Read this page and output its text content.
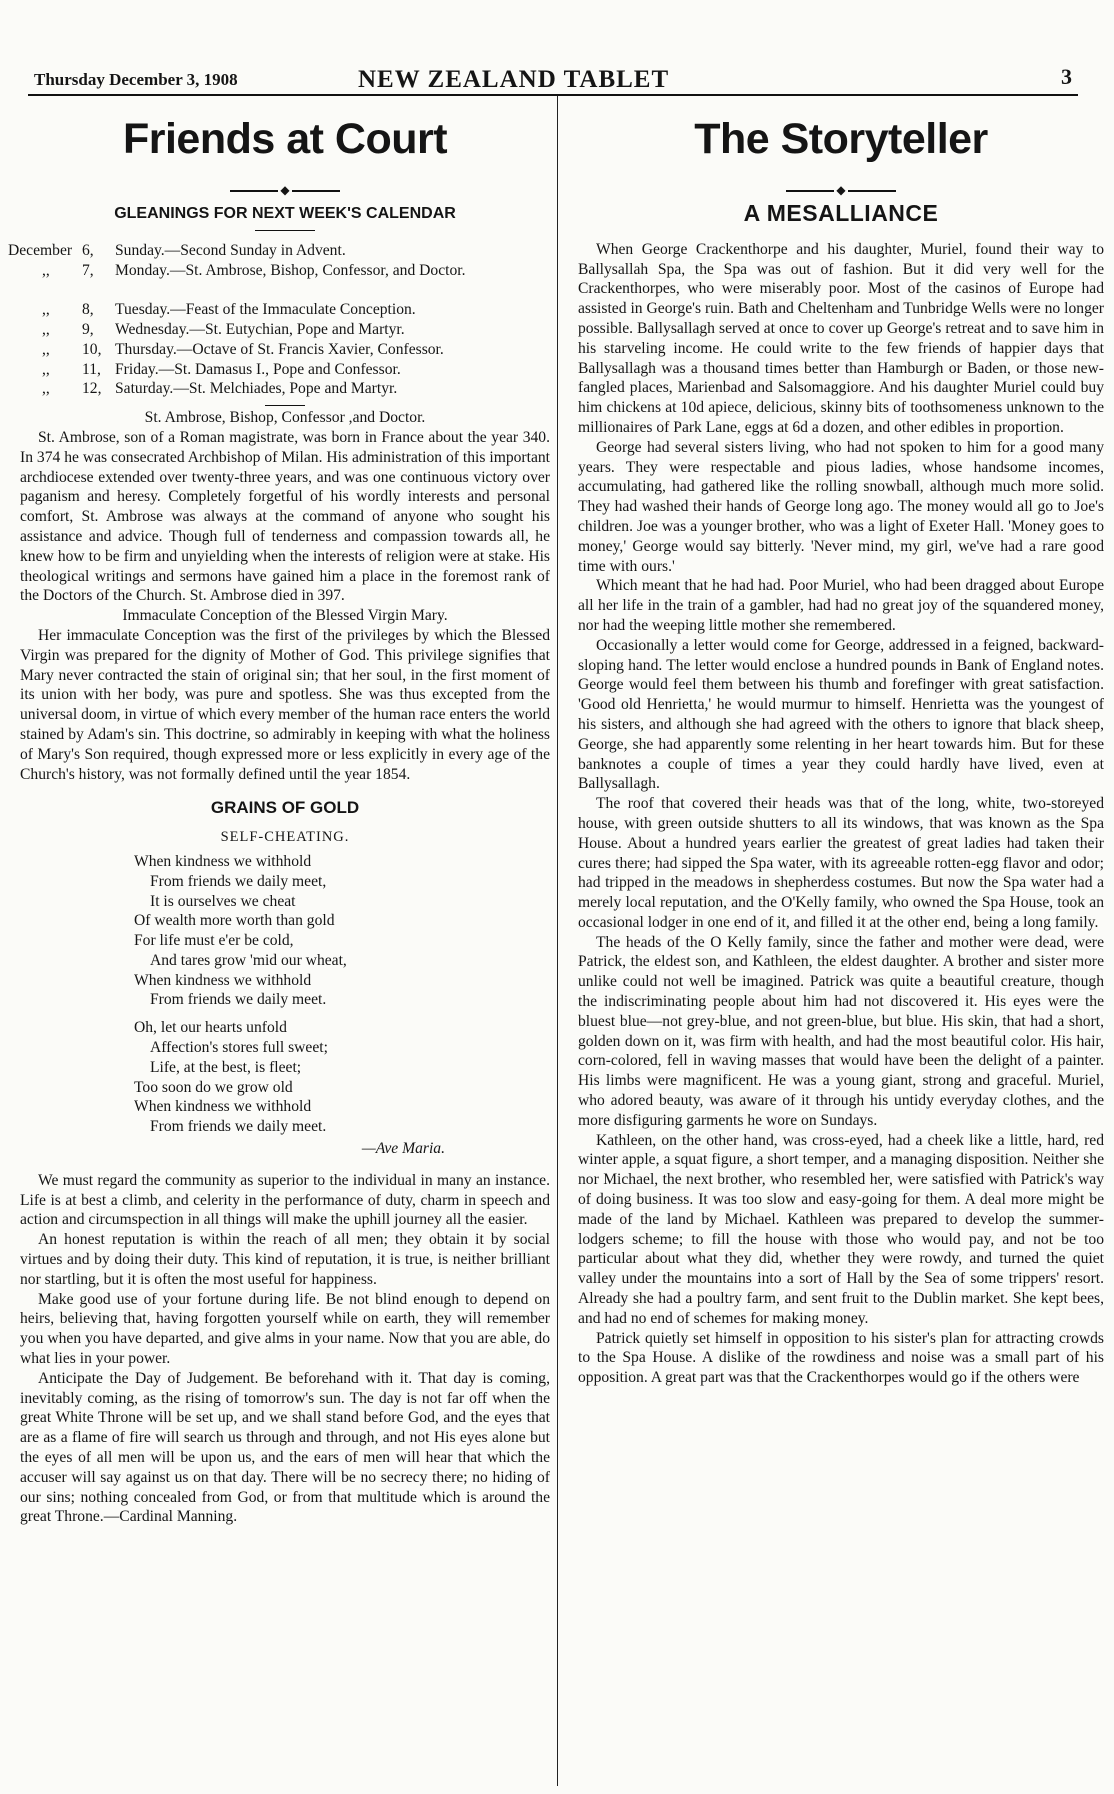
Thursday December 3, 1908	NEW ZEALAND TABLET	3
Friends at Court
◆
GLEANINGS FOR NEXT WEEK'S CALENDAR
December 6, Sunday.—Second Sunday in Advent.
,, 7, Monday.—St. Ambrose, Bishop, Confessor, and Doctor.
,, 8, Tuesday.—Feast of the Immaculate Conception.
,, 9, Wednesday.—St. Eutychian, Pope and Martyr.
,, 10, Thursday.—Octave of St. Francis Xavier, Confessor.
,, 11, Friday.—St. Damasus I., Pope and Confessor.
,, 12, Saturday.—St. Melchiades, Pope and Martyr.

St. Ambrose, Bishop, Confessor ,and Doctor.

St. Ambrose, son of a Roman magistrate, was born in France about the year 340. In 374 he was consecrated Archbishop of Milan. His administration of this important archdiocese extended over twenty-three years, and was one continuous victory over paganism and heresy. Completely forgetful of his wordly interests and personal comfort, St. Ambrose was always at the command of anyone who sought his assistance and advice. Though full of tenderness and compassion towards all, he knew how to be firm and unyielding when the interests of religion were at stake. His theological writings and sermons have gained him a place in the foremost rank of the Doctors of the Church. St. Ambrose died in 397.

Immaculate Conception of the Blessed Virgin Mary.

Her immaculate Conception was the first of the privileges by which the Blessed Virgin was prepared for the dignity of Mother of God. This privilege signifies that Mary never contracted the stain of original sin; that her soul, in the first moment of its union with her body, was pure and spotless. She was thus excepted from the universal doom, in virtue of which every member of the human race enters the world stained by Adam's sin. This doctrine, so admirably in keeping with what the holiness of Mary's Son required, though expressed more or less explicitly in every age of the Church's history, was not formally defined until the year 1854.

GRAINS OF GOLD
SELF-CHEATING.
When kindness we withhold
From friends we daily meet,
It is ourselves we cheat
Of wealth more worth than gold
For life must e'er be cold,
And tares grow 'mid our wheat,
When kindness we withhold
From friends we daily meet.
Oh, let our hearts unfold
Affection's stores full sweet;
Life, at the best, is fleet;
Too soon do we grow old
When kindness we withhold
From friends we daily meet.
—Ave Maria.

We must regard the community as superior to the individual in many an instance. Life is at best a climb, and celerity in the performance of duty, charm in speech and action and circumspection in all things will make the uphill journey all the easier.

An honest reputation is within the reach of all men; they obtain it by social virtues and by doing their duty. This kind of reputation, it is true, is neither brilliant nor startling, but it is often the most useful for happiness.

Make good use of your fortune during life. Be not blind enough to depend on heirs, believing that, having forgotten yourself while on earth, they will remember you when you have departed, and give alms in your name. Now that you are able, do what lies in your power.

Anticipate the Day of Judgement. Be beforehand with it. That day is coming, inevitably coming, as the rising of tomorrow's sun. The day is not far off when the great White Throne will be set up, and we shall stand before God, and the eyes that are as a flame of fire will search us through and through, and not His eyes alone but the eyes of all men will be upon us, and the ears of men will hear that which the accuser will say against us on that day. There will be no secrecy there; no hiding of our sins; nothing concealed from God, or from that multitude which is around the great Throne.—Cardinal Manning.

The Storyteller
◆
A MESALLIANCE

When George Crackenthorpe and his daughter, Muriel, found their way to Ballysallah Spa, the Spa was out of fashion. But it did very well for the Crackenthorpes, who were miserably poor. Most of the casinos of Europe had assisted in George's ruin. Bath and Cheltenham and Tunbridge Wells were no longer possible. Ballysallagh served at once to cover up George's retreat and to save him in his starveling income. He could write to the few friends of happier days that Ballysallagh was a thousand times better than Hamburgh or Baden, or those new-fangled places, Marienbad and Salsomaggiore. And his daughter Muriel could buy him chickens at 10d apiece, delicious, skinny bits of toothsomeness unknown to the millionaires of Park Lane, eggs at 6d a dozen, and other edibles in proportion.

George had several sisters living, who had not spoken to him for a good many years. They were respectable and pious ladies, whose handsome incomes, accumulating, had gathered like the rolling snowball, although much more solid. They had washed their hands of George long ago. The money would all go to Joe's children. Joe was a younger brother, who was a light of Exeter Hall. 'Money goes to money,' George would say bitterly. 'Never mind, my girl, we've had a rare good time with ours.'

Which meant that he had had. Poor Muriel, who had been dragged about Europe all her life in the train of a gambler, had had no great joy of the squandered money, nor had the weeping little mother she remembered.

Occasionally a letter would come for George, addressed in a feigned, backward-sloping hand. The letter would enclose a hundred pounds in Bank of England notes. George would feel them between his thumb and forefinger with great satisfaction. 'Good old Henrietta,' he would murmur to himself. Henrietta was the youngest of his sisters, and although she had agreed with the others to ignore that black sheep, George, she had apparently some relenting in her heart towards him. But for these banknotes a couple of times a year they could hardly have lived, even at Ballysallagh.

The roof that covered their heads was that of the long, white, two-storeyed house, with green outside shutters to all its windows, that was known as the Spa House. About a hundred years earlier the greatest of great ladies had taken their cures there; had sipped the Spa water, with its agreeable rotten-egg flavor and odor; had tripped in the meadows in shepherdess costumes. But now the Spa water had a merely local reputation, and the O'Kelly family, who owned the Spa House, took an occasional lodger in one end of it, and filled it at the other end, being a long family.

The heads of the O Kelly family, since the father and mother were dead, were Patrick, the eldest son, and Kathleen, the eldest daughter. A brother and sister more unlike could not well be imagined. Patrick was quite a beautiful creature, though the indiscriminating people about him had not discovered it. His eyes were the bluest blue—not grey-blue, and not green-blue, but blue. His skin, that had a short, golden down on it, was firm with health, and had the most beautiful color. His hair, corn-colored, fell in waving masses that would have been the delight of a painter. His limbs were magnificent. He was a young giant, strong and graceful. Muriel, who adored beauty, was aware of it through his untidy everyday clothes, and the more disfiguring garments he wore on Sundays.

Kathleen, on the other hand, was cross-eyed, had a cheek like a little, hard, red winter apple, a squat figure, a short temper, and a managing disposition. Neither she nor Michael, the next brother, who resembled her, were satisfied with Patrick's way of doing business. It was too slow and easy-going for them. A deal more might be made of the land by Michael. Kathleen was prepared to develop the summer-lodgers scheme; to fill the house with those who would pay, and not be too particular about what they did, whether they were rowdy, and turned the quiet valley under the mountains into a sort of Hall by the Sea of some trippers' resort. Already she had a poultry farm, and sent fruit to the Dublin market. She kept bees, and had no end of schemes for making money.

Patrick quietly set himself in opposition to his sister's plan for attracting crowds to the Spa House. A dislike of the rowdiness and noise was a small part of his opposition. A great part was that the Crackenthorpes would go if the others were
